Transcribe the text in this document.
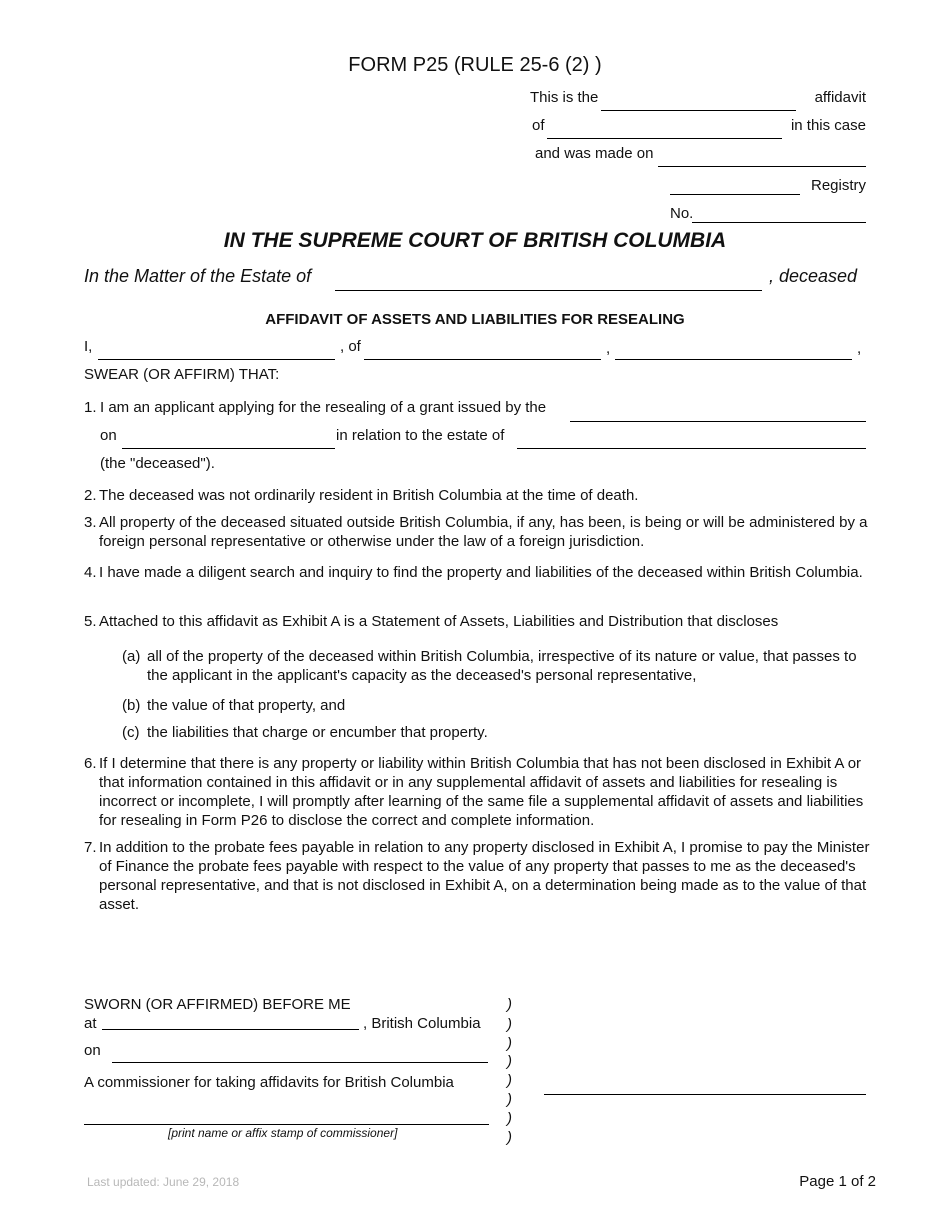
FORM P25 (RULE 25-6 (2) )
This is the	affidavit
of	in this case
and was made on
Registry
No.
IN THE SUPREME COURT OF BRITISH COLUMBIA
In the Matter of the Estate of	, deceased
AFFIDAVIT OF ASSETS AND LIABILITIES FOR RESEALING
I,	, of	,	,
SWEAR (OR AFFIRM) THAT:
1. I am an applicant applying for the resealing of a grant issued by the
on	in relation to the estate of
(the "deceased").
2. The deceased was not ordinarily resident in British Columbia at the time of death.
3. All property of the deceased situated outside British Columbia, if any, has been, is being or will be administered by a foreign personal representative or otherwise under the law of a foreign jurisdiction.
4. I have made a diligent search and inquiry to find the property and liabilities of the deceased within British Columbia.
5. Attached to this affidavit as Exhibit A is a Statement of Assets, Liabilities and Distribution that discloses
(a) all of the property of the deceased within British Columbia, irrespective of its nature or value, that passes to the applicant in the applicant's capacity as the deceased's personal representative,
(b) the value of that property, and
(c) the liabilities that charge or encumber that property.
6. If I determine that there is any property or liability within British Columbia that has not been disclosed in Exhibit A or that information contained in this affidavit or in any supplemental affidavit of assets and liabilities for resealing is incorrect or incomplete, I will promptly after learning of the same file a supplemental affidavit of assets and liabilities for resealing in Form P26 to disclose the correct and complete information.
7. In addition to the probate fees payable in relation to any property disclosed in Exhibit A, I promise to pay the Minister of Finance the probate fees payable with respect to the value of any property that passes to me as the deceased's personal representative, and that is not disclosed in Exhibit A, on a determination being made as to the value of that asset.
SWORN (OR AFFIRMED) BEFORE ME
at	, British Columbia
on
A commissioner for taking affidavits for British Columbia
[print name or affix stamp of commissioner]
)
)
)
)
)
)
)
)
Last updated: June 29, 2018	Page 1 of 2
